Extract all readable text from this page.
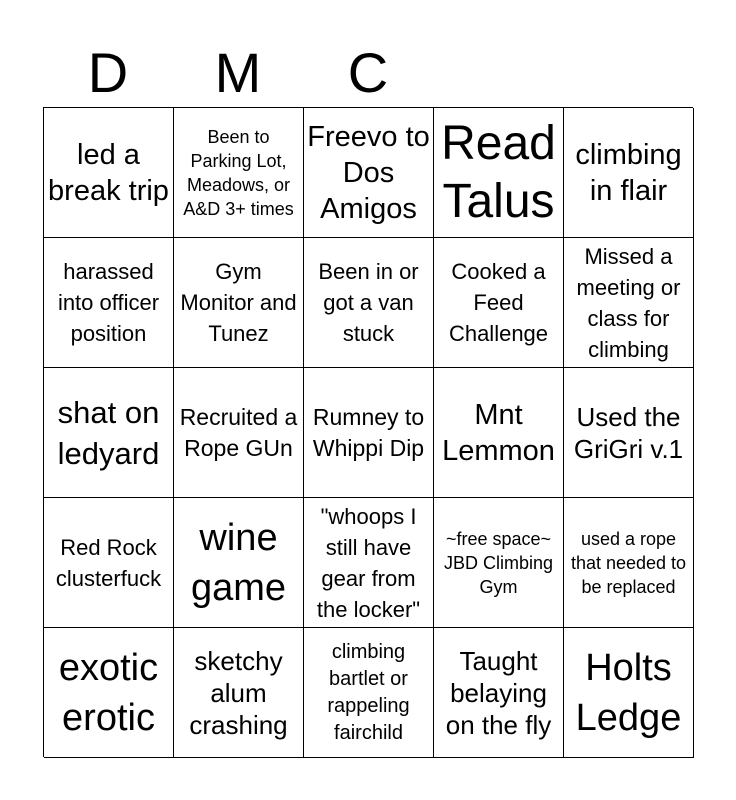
D	M	C
led a break trip
Been to Parking Lot, Meadows, or A&D 3+ times
Freevo to Dos Amigos
Read Talus
climbing in flair
harassed into officer position
Gym Monitor and Tunez
Been in or got a van stuck
Cooked a Feed Challenge
Missed a meeting or class for climbing
shat on ledyard
Recruited a Rope GUn
Rumney to Whippi Dip
Mnt Lemmon
Used the GriGri v.1
Red Rock clusterfuck
wine game
"whoops I still have gear from the locker"
~free space~ JBD Climbing Gym
used a rope that needed to be replaced
exotic erotic
sketchy alum crashing
climbing bartlet or rappeling fairchild
Taught belaying on the fly
Holts Ledge
